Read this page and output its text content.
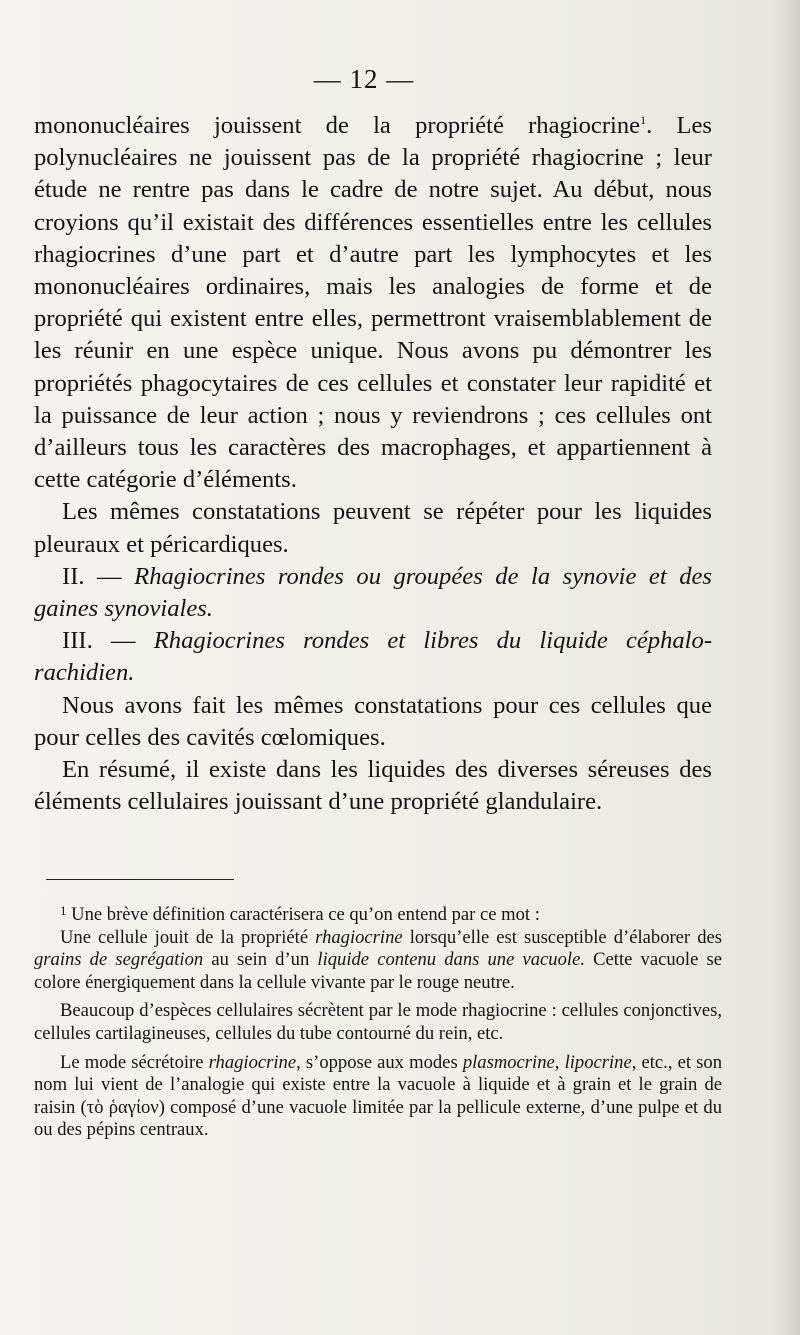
— 12 —

mononucléaires jouissent de la propriété rhagiocrine$^1$. Les polynucléaires ne jouissent pas de la propriété rhagiocrine ; leur étude ne rentre pas dans le cadre de notre sujet. Au début, nous croyions qu’il existait des différences essentielles entre les cellules rhagiocrines d’une part et d’autre part les lymphocytes et les mononucléaires ordinaires, mais les analogies de forme et de propriété qui existent entre elles, permettront vraisemblablement de les réunir en une espèce unique. Nous avons pu démontrer les propriétés phagocytaires de ces cellules et constater leur rapidité et la puissance de leur action ; nous y reviendrons ; ces cellules ont d’ailleurs tous les caractères des macrophages, et appartiennent à cette catégorie d’éléments.

Les mêmes constatations peuvent se répéter pour les liquides pleuraux et péricardiques.

II. — Rhagiocrines rondes ou groupées de la synovie et des gaines synoviales.

III. — Rhagiocrines rondes et libres du liquide céphalo-rachidien.

Nous avons fait les mêmes constatations pour ces cellules que pour celles des cavités cœlomiques.

En résumé, il existe dans les liquides des diverses séreuses des éléments cellulaires jouissant d’une propriété glandulaire.

$^1$ Une brève définition caractérisera ce qu’on entend par ce mot :

Une cellule jouit de la propriété rhagiocrine lorsqu’elle est susceptible d’élaborer des grains de segrégation au sein d’un liquide contenu dans une vacuole. Cette vacuole se colore énergiquement dans la cellule vivante par le rouge neutre.

Beaucoup d’espèces cellulaires sécrètent par le mode rhagiocrine : cellules conjonctives, cellules cartilagineuses, cellules du tube contourné du rein, etc.

Le mode sécrétoire rhagiocrine, s’oppose aux modes plasmocrine, lipocrine, etc., et son nom lui vient de l’analogie qui existe entre la vacuole à liquide et à grain et le grain de raisin (τὸ ῥαγίον) composé d’une vacuole limitée par la pellicule externe, d’une pulpe et du ou des pépins centraux.
